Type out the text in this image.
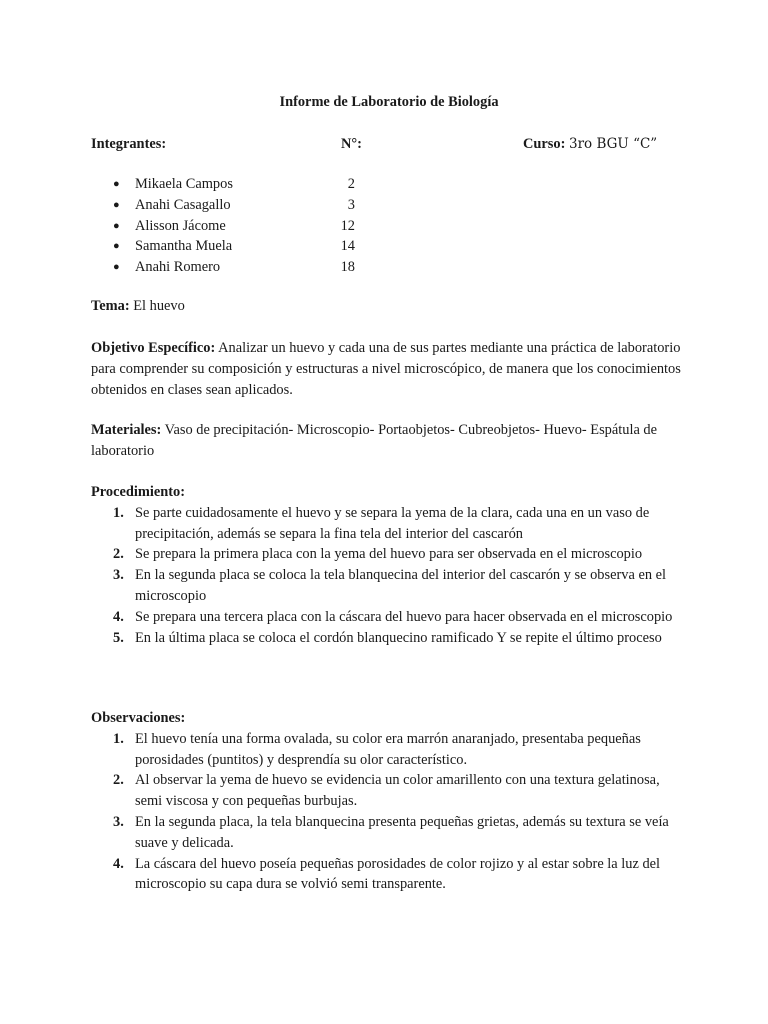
Informe de Laboratorio de Biología
Integrantes:	N°:	Curso: 3ro BGU “C”
● Mikaela Campos	2
● Anahi Casagallo	3
● Alisson Jácome	12
● Samantha Muela	14
● Anahi Romero	18

Tema: El huevo

Objetivo Específico: Analizar un huevo y cada una de sus partes mediante una práctica de laboratorio para comprender su composición y estructuras a nivel microscópico, de manera que los conocimientos obtenidos en clases sean aplicados.

Materiales: Vaso de precipitación- Microscopio- Portaobjetos- Cubreobjetos- Huevo- Espátula de laboratorio

Procedimiento:

1. Se parte cuidadosamente el huevo y se separa la yema de la clara, cada una en un vaso de precipitación, además se separa la fina tela del interior del cascarón
2. Se prepara la primera placa con la yema del huevo para ser observada en el microscopio
3. En la segunda placa se coloca la tela blanquecina del interior del cascarón y se observa en el microscopio
4. Se prepara una tercera placa con la cáscara del huevo para hacer observada en el microscopio
5. En la última placa se coloca el cordón blanquecino ramificado Y se repite el último proceso

Observaciones:

1. El huevo tenía una forma ovalada, su color era marrón anaranjado, presentaba pequeñas porosidades (puntitos) y desprendía su olor característico.
2. Al observar la yema de huevo se evidencia un color amarillento con una textura gelatinosa, semi viscosa y con pequeñas burbujas.
3. En la segunda placa, la tela blanquecina presenta pequeñas grietas, además su textura se veía suave y delicada.
4. La cáscara del huevo poseía pequeñas porosidades de color rojizo y al estar sobre la luz del microscopio su capa dura se volvió semi transparente.
